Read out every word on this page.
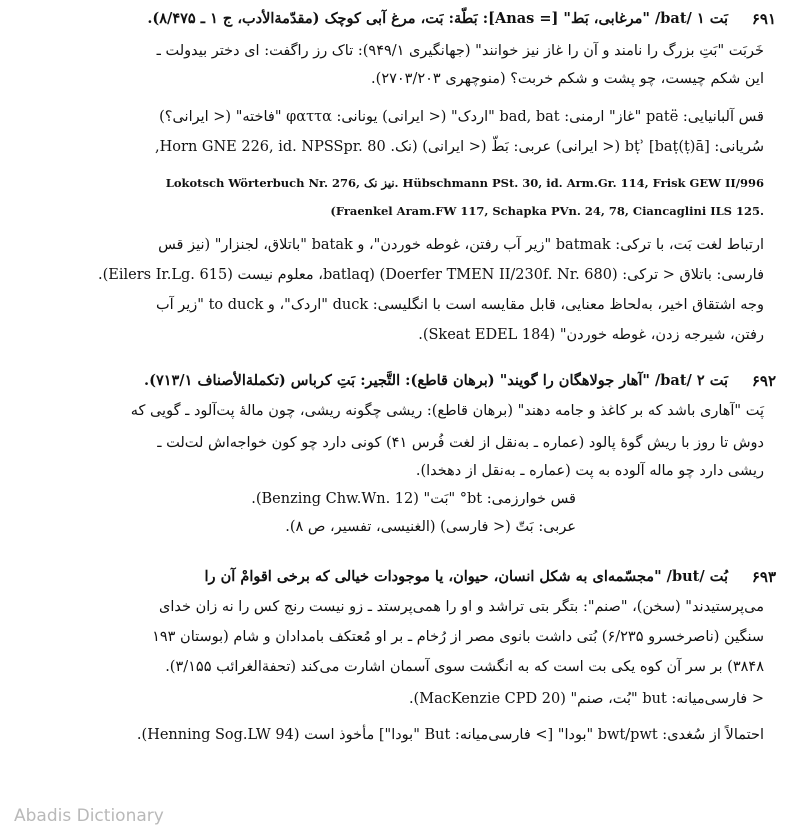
۶۹۱
بَت ١ /bat/ "مرغابی، بَط" [= Anas]: بَطّة: بَت، مرغ آبی کوچک (مقدّمة‌الأدب، ج ١ ـ ٨/۴٧۵).
خَربَت "بَتِ بزرگ را نامند و آن را غاز نیز خوانند" (جهانگیری ٩۴٩/١): تاک رز راگفت: ای دختر بیدولت ـ
این شکم چیست، چو پشت و شکم خربت؟ (منوچهری ٢٧٠٣/٢٠٣).
قس آلبانیایی: patë "غاز" ارمنی: bad, bat "اردک" (< ایرانی) یونانی: φαττα "فاخته" (< ایرانی؟)
سُریانی: [baṭ(ṭ)ā] bṭʾ (< ایرانی) عربی: بَطّ (< ایرانی) (نک. Horn GNE 226, id. NPSSpr. 80,
Lokotsch Wörterbuch Nr. 276, نیز نک. Hübschmann PSt. 30, id. Arm.Gr. 114, Frisk GEW II/996
(Fraenkel Aram.FW 117, Schapka PVn. 24, 78, Ciancaglini ILS 125.
ارتباط لغت بَت، با ترکی: batmak "زیر آب رفتن، غوطه خوردن"، و batak "باتلاق، لجنزار" (نیز قس
فارسی: باتلاق < ترکی: batlaq) (Doerfer TMEN II/230f. Nr. 680)، معلوم نیست (Eilers Ir.Lg. 615).
وجه اشتقاق اخیر، به‌لحاظ معنایی، قابل مقایسه است با انگلیسی: duck "اردک"، و to duck "زیر آب
رفتن، شیرجه زدن، غوطه خوردن" (Skeat EDEL 184).
۶۹۲
بَت ٢ /bat/ "آهار جولاهگان را گویند" (برهان قاطع): التَّجیر: بَتِ کرباس (تکملة‌الأصناف ٧١٣/١).
پَت "آهاری باشد که بر کاغذ و جامه دهند" (برهان قاطع): ریشی چگونه ریشی، چون مالهٔ پت‌آلود ـ گویی که
دوش تا روز با ریش گوهٔ پالود (عماره ـ به‌نقل از لغت فُرس ۴١) کونی دارد چو کون خواجه‌اش لت‌لت ـ
ریشی دارد چو ماله آلوده به پت (عماره ـ به‌نقل از دهخدا).
قس خوارزمی: bt° "بَت" (Benzing Chw.Wn. 12).
عربی: بَتّ (< فارسی) (الغنیسی، تفسیر، ص ٨).
۶۹۳
بُت /but/ "مجسّمه‌ای به شکل انسان، حیوان، یا موجودات خیالی که برخی اقوامْ آن را
می‌پرستیدند" (سخن)، "صنم": بتگر بتی تراشد و او را همی‌پرستد ـ زو نیست رنج کس را نه زان خدای
سنگین (ناصرخسرو ۶/٢٣۵) بُتی داشت بانوی مصر از رُخام ـ بر او مُعتکف بامدادان و شام (بوستان ١٩٣
٣٨۴٨) بر سر آن کوه یکی بت است که به انگشت سوی آسمان اشارت می‌کند (تحفة‌الغرائب ٣/١۵۵).
< فارسی‌میانه: but "بُت، صنم" (MacKenzie CPD 20).
احتمالاً از سُغدی: bwt/pwt "بودا" [> فارسی‌میانه: But "بودا"] مأخوذ است (Henning Sog.LW 94).
Abadis Dictionary
